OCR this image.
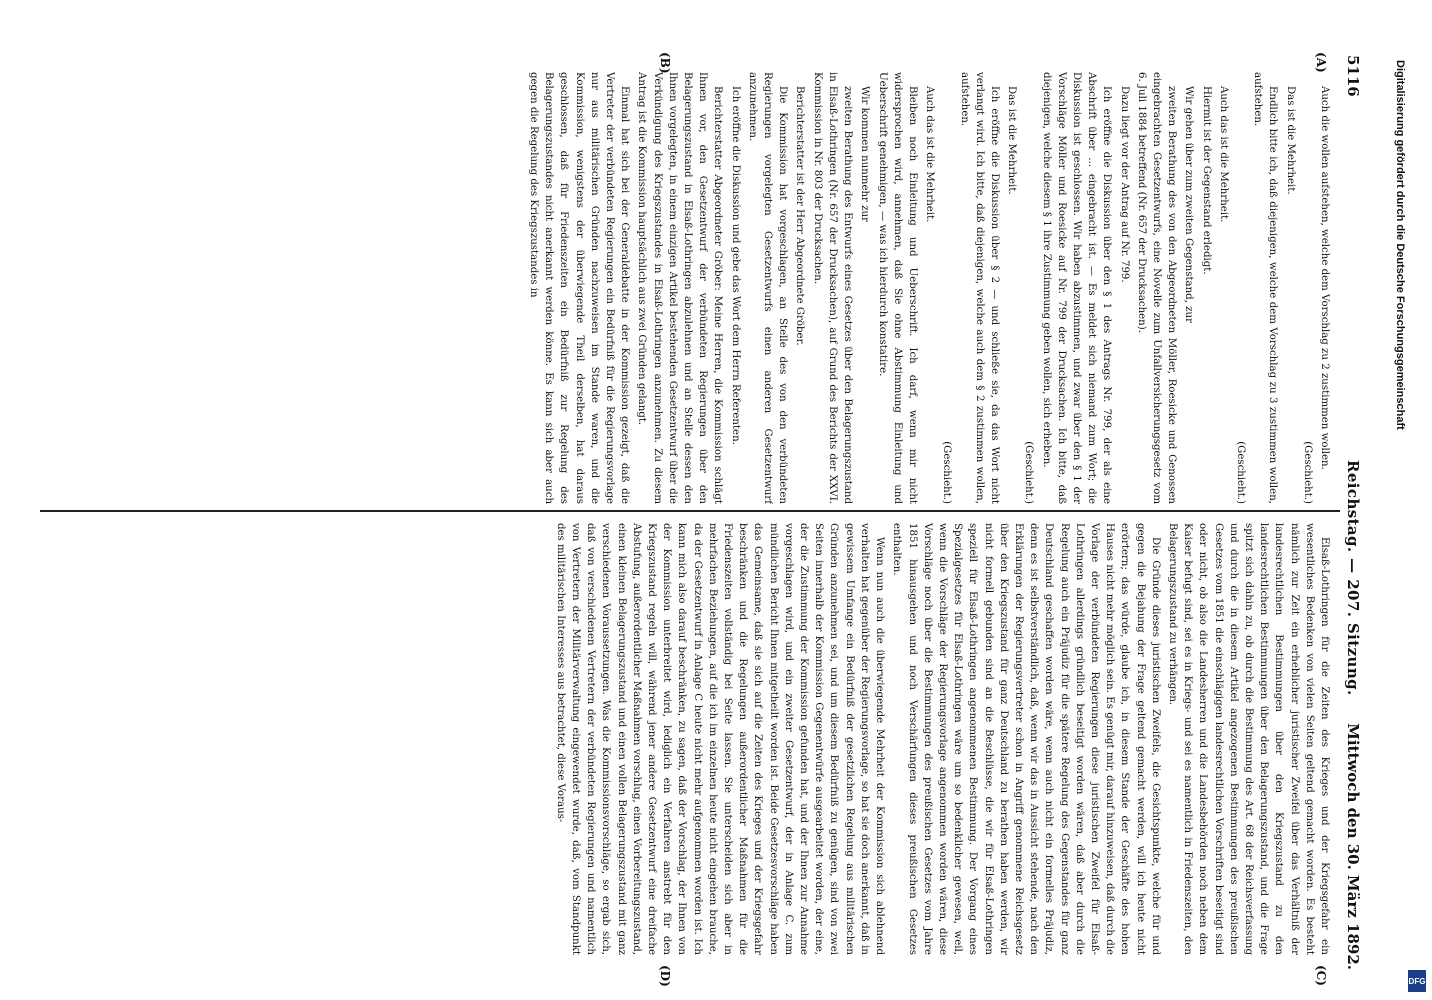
5116
Reichstag. — 207. Sitzung.
Mittwoch den 30. März 1892.
(A)
(B)
(C)
(D)

Auch die wollen aufstehen, welche dem Vorschlag zu 2 zustimmen wollen.

(Geschieht.)

Das ist die Mehrheit.

Endlich bitte ich, daß diejenigen, welche dem Vorschlag zu 3 zustimmen wollen, aufstehen.

(Geschieht.)

Auch das ist die Mehrheit.

Hiermit ist der Gegenstand erledigt.

Wir gehen über zum zweiten Gegenstand, zur

zweiten Berathung des von den Abgeordneten Möller, Roesicke und Genossen eingebrachten Gesetzentwurfs, eine Novelle zum Unfallversicherungsgesetz vom 6. Juli 1884 betreffend (Nr. 657 der Drucksachen).

Dazu liegt vor der Antrag auf Nr. 799.

Ich eröffne die Diskussion über den § 1 des Antrags Nr. 799, der als eine Abschrift über ... eingebracht ist. — Es meldet sich niemand zum Wort; die Diskussion ist geschlossen. Wir haben abzustimmen, und zwar über den § 1 der Vorschläge Möller und Roesicke auf Nr. 799 der Drucksachen. Ich bitte, daß diejenigen, welche diesem § 1 ihre Zustimmung geben wollen, sich erheben.

(Geschieht.)

Das ist die Mehrheit.

Ich eröffne die Diskussion über § 2 — und schließe sie, da das Wort nicht verlangt wird. Ich bitte, daß diejenigen, welche auch dem § 2 zustimmen wollen, aufstehen.

(Geschieht.)

Auch das ist die Mehrheit.

Bleiben noch Einleitung und Ueberschrift. Ich darf, wenn mir nicht widersprochen wird, annehmen, daß Sie ohne Abstimmung Einleitung und Ueberschrift genehmigen, — was ich hierdurch konstatire.

Wir kommen nunmehr zur

zweiten Berathung des Entwurfs eines Gesetzes über den Belagerungszustand in Elsaß-Lothringen (Nr. 657 der Drucksachen), auf Grund des Berichts der XXVI. Kommission in Nr. 803 der Drucksachen.

Berichterstatter ist der Herr Abgeordnete Gröber.

Die Kommission hat vorgeschlagen, an Stelle des von den verbündeten Regierungen vorgelegten Gesetzentwurfs einen anderen Gesetzentwurf anzunehmen.

Ich eröffne die Diskussion und gebe das Wort dem Herrn Referenten.

Berichterstatter Abgeordneter Gröber: Meine Herren, die Kommission schlägt Ihnen vor, den Gesetzentwurf der verbündeten Regierungen über den Belagerungszustand in Elsaß-Lothringen abzulehnen und an Stelle dessen den Ihnen vorgelegten, in einem einzigen Artikel bestehenden Gesetzentwurf über die Verkündigung des Kriegszustandes in Elsaß-Lothringen anzunehmen. Zu diesem Antrag ist die Kommission hauptsächlich aus zwei Gründen gelangt.

Einmal hat sich bei der Generaldebatte in der Kommission gezeigt, daß die Vertreter der verbündeten Regierungen ein Bedürfniß für die Regierungsvorlage nur aus militärischen Gründen nachzuweisen im Stande waren, und die Kommission, wenigstens der überwiegende Theil derselben, hat daraus geschlossen, daß für Friedenszeiten ein Bedürfniß zur Regelung des Belagerungszustandes nicht anerkannt werden könne. Es kann sich aber auch gegen die Regelung des Kriegszustandes in

Elsaß-Lothringen für die Zeiten des Krieges und der Kriegsgefahr ein wesentliches Bedenken von vielen Seiten geltend gemacht worden. Es besteht nämlich zur Zeit ein erheblicher juristischer Zweifel über das Verhältniß der landesrechtlichen Bestimmungen über den Kriegszustand zu den landesrechtlichen Bestimmungen über den Belagerungszustand, und die Frage spitzt sich dahin zu, ob durch die Bestimmung des Art. 68 der Reichsverfassung und durch die in diesem Artikel angezogenen Bestimmungen des preußischen Gesetzes vom 1851 die einschlägigen landesrechtlichen Vorschriften beseitigt sind oder nicht, ob also die Landesherren und die Landesbehörden noch neben dem Kaiser befugt sind, sei es in Kriegs- und sei es namentlich in Friedenszeiten, den Belagerungszustand zu verhängen.

Die Gründe dieses juristischen Zweifels, die Gesichtspunkte, welche für und gegen die Bejahung der Frage geltend gemacht werden, will ich heute nicht erörtern; das würde, glaube ich, in diesem Stande der Geschäfte des hohen Hauses nicht mehr möglich sein. Es genügt mir, darauf hinzuweisen, daß durch die Vorlage der verbündeten Regierungen diese juristischen Zweifel für Elsaß-Lothringen allerdings gründlich beseitigt worden wären, daß aber durch die Regelung auch ein Präjudiz für die spätere Regelung des Gegenstandes für ganz Deutschland geschaffen worden wäre, wenn auch nicht ein formelles Präjudiz, denn es ist selbstverständlich, daß, wenn wir das in Aussicht stehende, nach den Erklärungen der Regierungsvertreter schon in Angriff genommene Reichsgesetz über den Kriegszustand für ganz Deutschland zu berathen haben werden, wir nicht formell gebunden sind an die Beschlüsse, die wir für Elsaß-Lothringen speziell für Elsaß-Lothringen angenommenen Bestimmung. Der Vorgang eines Spezialgesetzes für Elsaß-Lothringen wäre um so bedenklicher gewesen, weil, wenn die Vorschläge der Regierungsvorlage angenommen worden wären, diese Vorschläge noch über die Bestimmungen des preußischen Gesetzes vom Jahre 1851 hinausgehen und noch Verschärfungen dieses preußischen Gesetzes enthalten.

Wenn nun auch die überwiegende Mehrheit der Kommission sich ablehnend verhalten hat gegenüber der Regierungsvorlage, so hat sie doch anerkannt, daß in gewissem Umfange ein Bedürfniß der gesetzlichen Regelung aus militärischen Gründen anzunehmen sei, und um diesem Bedürfniß zu genügen, sind von zwei Seiten innerhalb der Kommission Gegenentwürfe ausgearbeitet worden, der eine, der die Zustimmung der Kommission gefunden hat, und der Ihnen zur Annahme vorgeschlagen wird, und ein zweiter Gesetzentwurf, der in Anlage C. zum mündlichen Bericht Ihnen mitgetheilt worden ist. Beide Gesetzesvorschläge haben das Gemeinsame, daß sie sich auf die Zeiten des Krieges und der Kriegsgefahr beschränken und die Regelungen außerordentlicher Maßnahmen für die Friedenszeiten vollständig bei Seite lassen. Sie unterscheiden sich aber in mehrfachen Beziehungen, auf die ich im einzelnen heute nicht eingehen brauche, da der Gesetzentwurf in Anlage C heute nicht mehr aufgenommen worden ist. Ich kann mich also darauf beschränken, zu sagen, daß der Vorschlag, der Ihnen von der Kommission unterbreitet wird, lediglich ein Verfahren anstrebt für den Kriegszustand regeln will, während jener andere Gesetzentwurf eine dreifache Abstufung, außerordentlicher Maßnahmen vorschlug, einen Vorbereitungszustand, einen kleinen Belagerungszustand und einen vollen Belagerungszustand mit ganz verschiedenen Voraussetzungen. Was die Kommissionsvorschläge, so ergab sich, daß von verschiedenen Vertretern der verbündeten Regierungen und namentlich von Vertretern der Militärverwaltung eingewendet wurde, daß, vom Standpunkt des militärischen Interesses aus betrachtet, diese Voraus-

Digitalisierung gefördert durch die Deutsche Forschungsgemeinschaft
DFG
